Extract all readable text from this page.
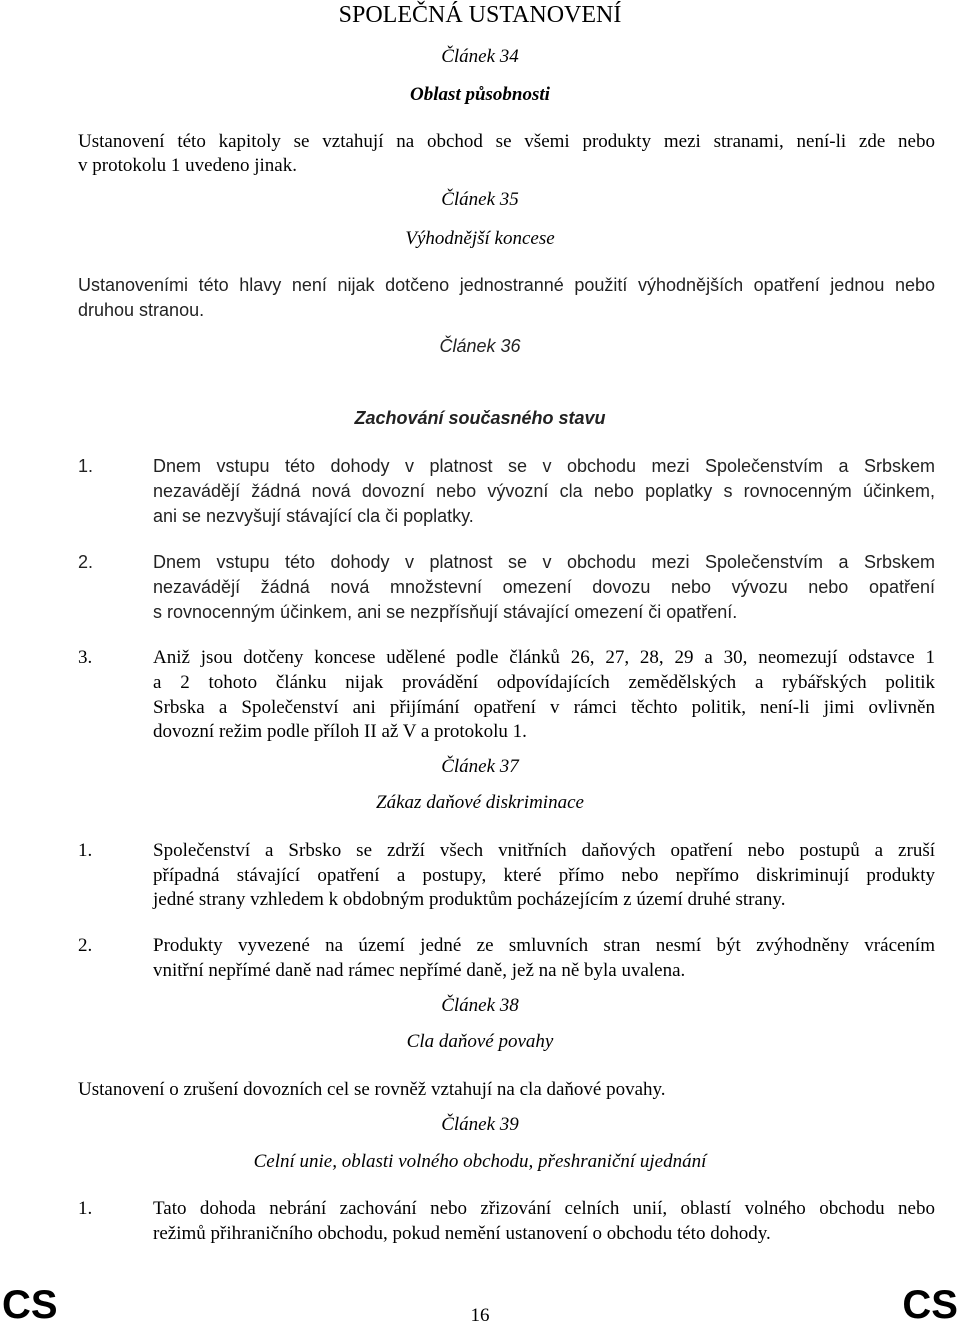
SPOLEČNÁ USTANOVENÍ
Článek 34
Oblast působnosti
Ustanovení této kapitoly se vztahují na obchod se všemi produkty mezi stranami, není-li zde nebo
v protokolu 1 uvedeno jinak.
Článek 35
Výhodnější koncese
Ustanoveními této hlavy není nijak dotčeno jednostranné použití výhodnějších opatření jednou nebo
druhou stranou.
Článek 36
Zachování současného stavu
1.	Dnem vstupu této dohody v platnost se v obchodu mezi Společenstvím a Srbskem
nezavádějí žádná nová dovozní nebo vývozní cla nebo poplatky s rovnocenným účinkem,
ani se nezvyšují stávající cla či poplatky.
2.	Dnem vstupu této dohody v platnost se v obchodu mezi Společenstvím a Srbskem
nezavádějí žádná nová množstevní omezení dovozu nebo vývozu nebo opatření
s rovnocenným účinkem, ani se nezpřísňují stávající omezení či opatření.
3.	Aniž jsou dotčeny koncese udělené podle článků 26, 27, 28, 29 a 30, neomezují odstavce 1
a 2 tohoto článku nijak provádění odpovídajících zemědělských a rybářských politik
Srbska a Společenství ani přijímání opatření v rámci těchto politik, není-li jimi ovlivněn
dovozní režim podle příloh II až V a protokolu 1.
Článek 37
Zákaz daňové diskriminace
1.	Společenství a Srbsko se zdrží všech vnitřních daňových opatření nebo postupů a zruší
případná stávající opatření a postupy, které přímo nebo nepřímo diskriminují produkty
jedné strany vzhledem k obdobným produktům pocházejícím z území druhé strany.
2.	Produkty vyvezené na území jedné ze smluvních stran nesmí být zvýhodněny vrácením
vnitřní nepřímé daně nad rámec nepřímé daně, jež na ně byla uvalena.
Článek 38
Cla daňové povahy
Ustanovení o zrušení dovozních cel se rovněž vztahují na cla daňové povahy.
Článek 39
Celní unie, oblasti volného obchodu, přeshraniční ujednání
1.	Tato dohoda nebrání zachování nebo zřizování celních unií, oblastí volného obchodu nebo
režimů přihraničního obchodu, pokud nemění ustanovení o obchodu této dohody.
CS	16	CS
